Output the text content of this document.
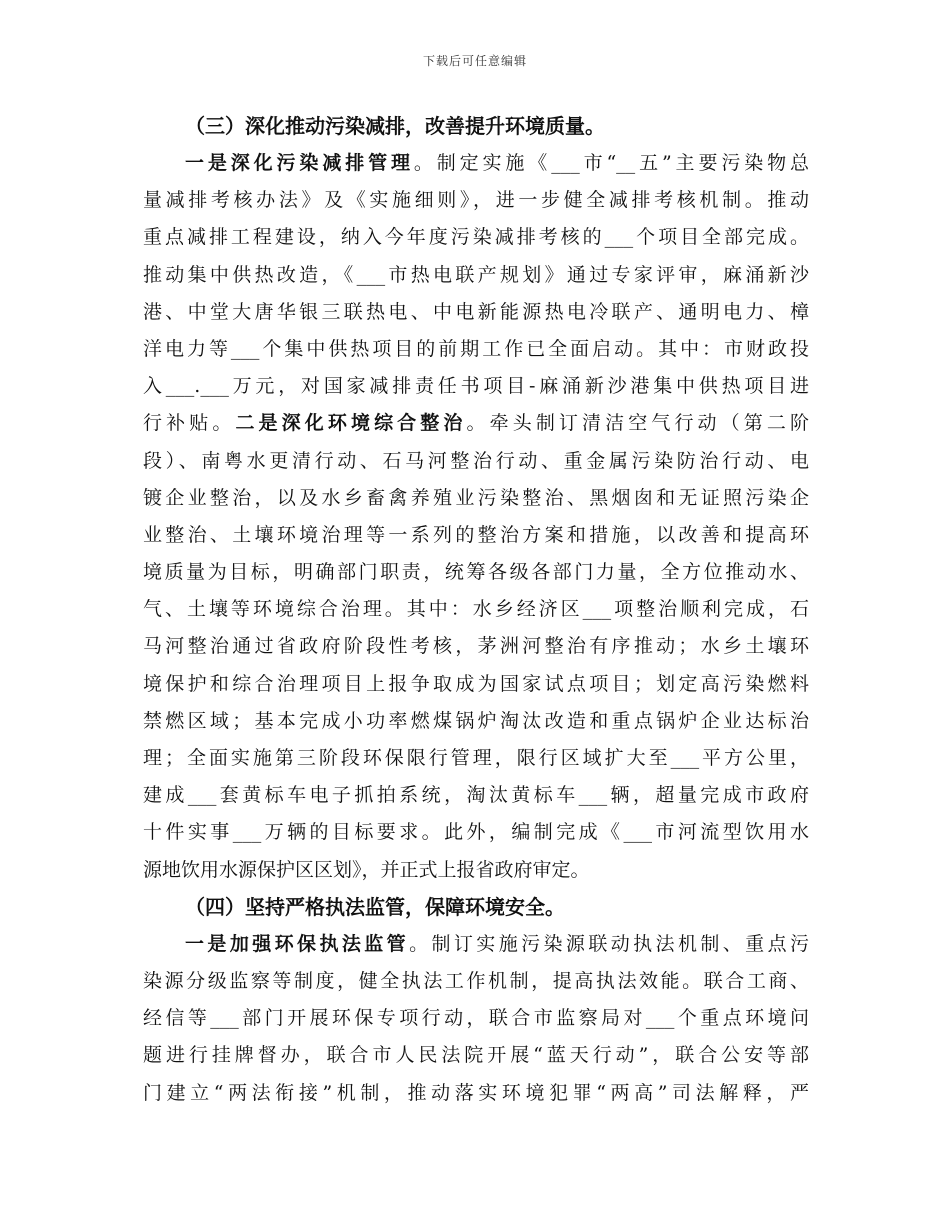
下载后可任意编辑

（三）深化推动污染减排，改善提升环境质量。

一是深化污染减排管理。制定实施《___市“__五”主要污染物总
量减排考核办法》及《实施细则》，进一步健全减排考核机制。推动
重点减排工程建设，纳入今年度污染减排考核的___个项目全部完成。
推动集中供热改造，《___市热电联产规划》通过专家评审，麻涌新沙
港、中堂大唐华银三联热电、中电新能源热电冷联产、通明电力、樟
洋电力等___个集中供热项目的前期工作已全面启动。其中：市财政投
入___.___万元，对国家减排责任书项目-麻涌新沙港集中供热项目进
行补贴。二是深化环境综合整治。牵头制订清洁空气行动（第二阶
段）、南粤水更清行动、石马河整治行动、重金属污染防治行动、电
镀企业整治，以及水乡畜禽养殖业污染整治、黑烟囱和无证照污染企
业整治、土壤环境治理等一系列的整治方案和措施，以改善和提高环
境质量为目标，明确部门职责，统筹各级各部门力量，全方位推动水、
气、土壤等环境综合治理。其中：水乡经济区___项整治顺利完成，石
马河整治通过省政府阶段性考核，茅洲河整治有序推动；水乡土壤环
境保护和综合治理项目上报争取成为国家试点项目；划定高污染燃料
禁燃区域；基本完成小功率燃煤锅炉淘汰改造和重点锅炉企业达标治
理；全面实施第三阶段环保限行管理，限行区域扩大至___平方公里，
建成___套黄标车电子抓拍系统，淘汰黄标车___辆，超量完成市政府
十件实事___万辆的目标要求。此外，编制完成《___市河流型饮用水
源地饮用水源保护区区划》，并正式上报省政府审定。

（四）坚持严格执法监管，保障环境安全。

一是加强环保执法监管。制订实施污染源联动执法机制、重点污
染源分级监察等制度，健全执法工作机制，提高执法效能。联合工商、
经信等___部门开展环保专项行动，联合市监察局对___个重点环境问
题进行挂牌督办，联合市人民法院开展“蓝天行动”，联合公安等部
门建立“两法衔接”机制，推动落实环境犯罪“两高”司法解释，严
